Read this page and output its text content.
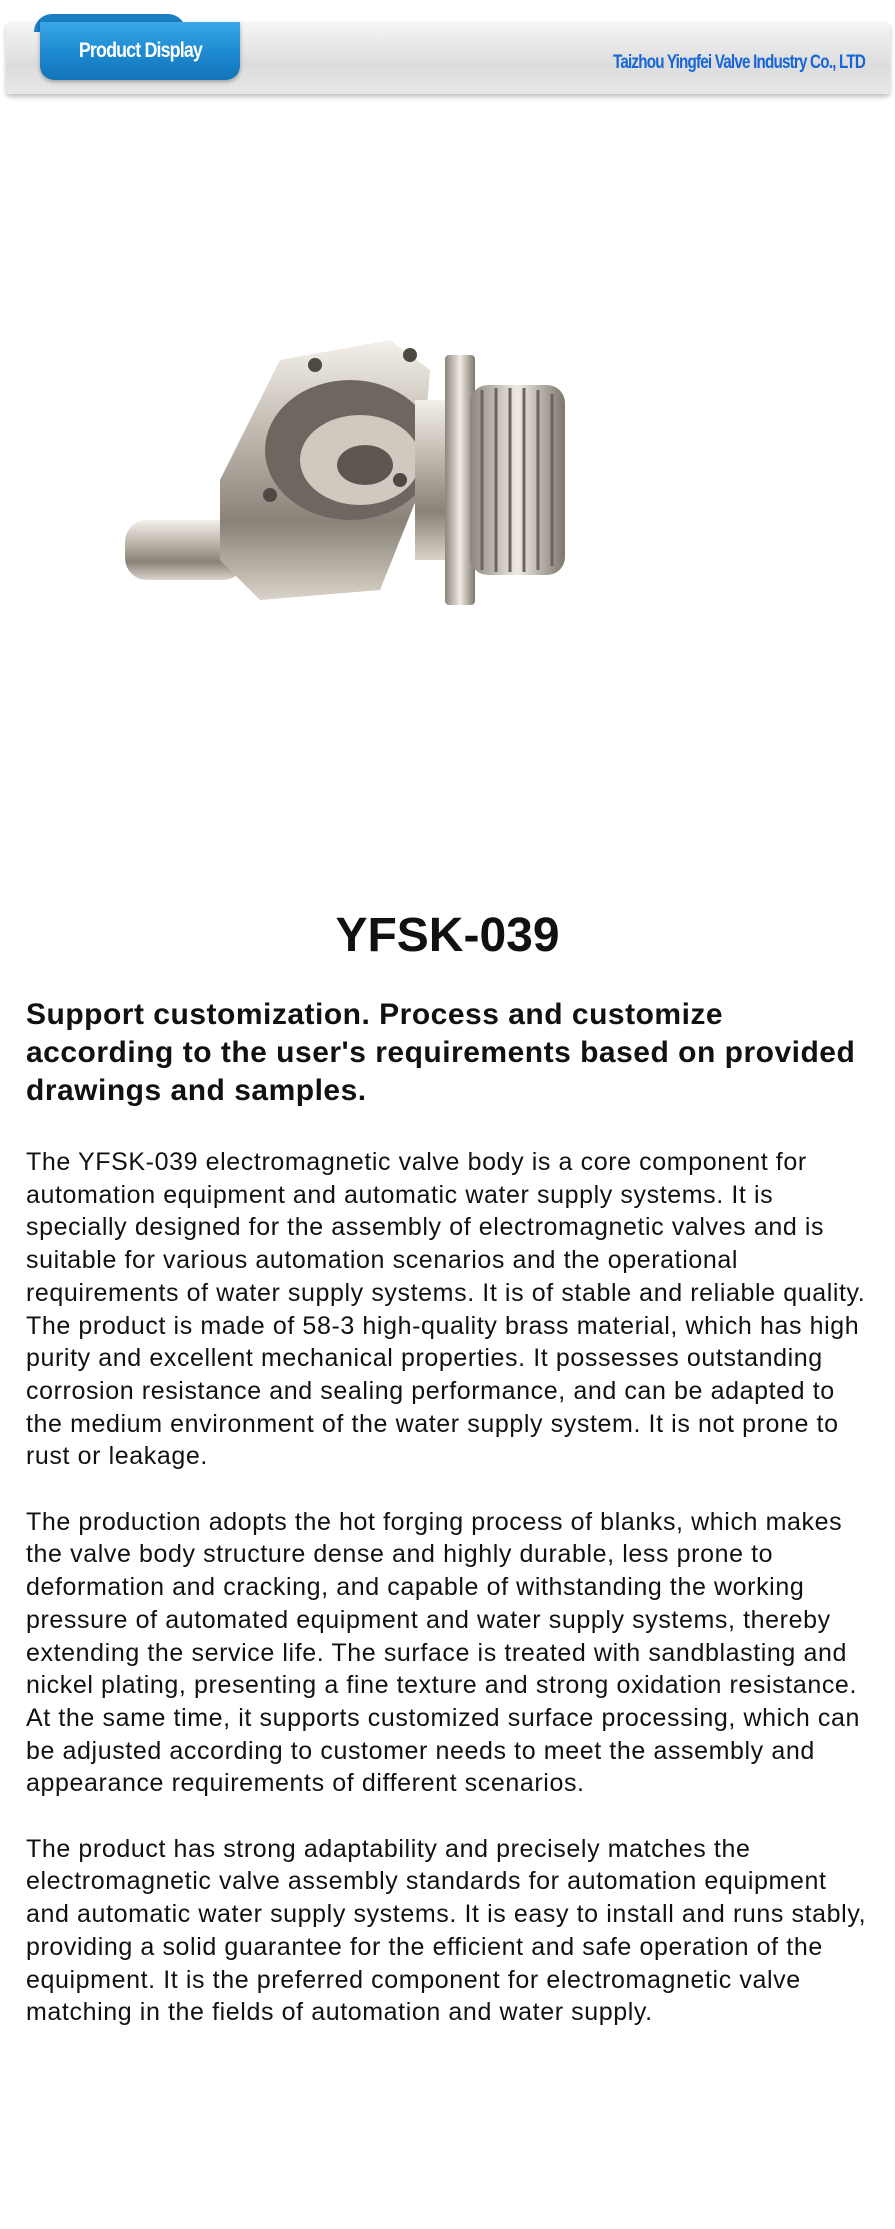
Product Display
Taizhou Yingfei Valve Industry Co., LTD
YFSK-039
Support customization. Process and customize according to the user's requirements based on provided drawings and samples.

The YFSK-039 electromagnetic valve body is a core component for automation equipment and automatic water supply systems. It is specially designed for the assembly of electromagnetic valves and is suitable for various automation scenarios and the operational requirements of water supply systems. It is of stable and reliable quality. The product is made of 58-3 high-quality brass material, which has high purity and excellent mechanical properties. It possesses outstanding corrosion resistance and sealing performance, and can be adapted to the medium environment of the water supply system. It is not prone to rust or leakage.

The production adopts the hot forging process of blanks, which makes the valve body structure dense and highly durable, less prone to deformation and cracking, and capable of withstanding the working pressure of automated equipment and water supply systems, thereby extending the service life. The surface is treated with sandblasting and nickel plating, presenting a fine texture and strong oxidation resistance. At the same time, it supports customized surface processing, which can be adjusted according to customer needs to meet the assembly and appearance requirements of different scenarios.

The product has strong adaptability and precisely matches the electromagnetic valve assembly standards for automation equipment and automatic water supply systems. It is easy to install and runs stably, providing a solid guarantee for the efficient and safe operation of the equipment. It is the preferred component for electromagnetic valve matching in the fields of automation and water supply.
